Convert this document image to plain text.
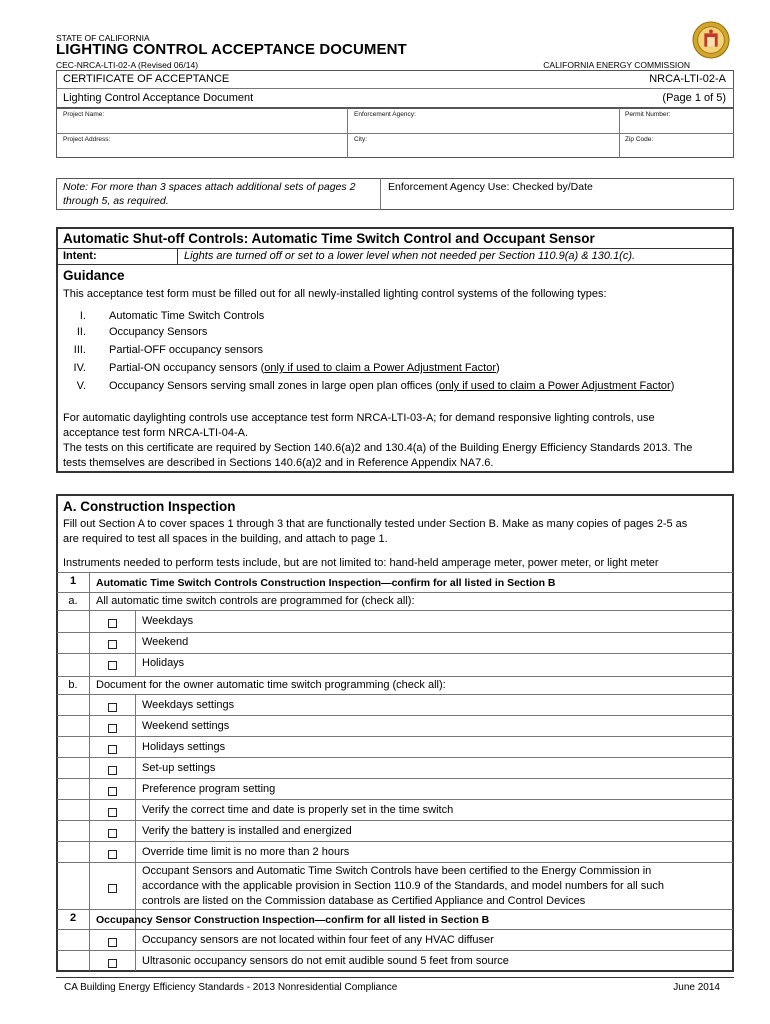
STATE OF CALIFORNIA
LIGHTING CONTROL ACCEPTANCE DOCUMENT
CEC-NRCA-LTI-02-A (Revised 06/14)	CALIFORNIA ENERGY COMMISSION
CERTIFICATE OF ACCEPTANCE	NRCA-LTI-02-A
Lighting Control Acceptance Document	(Page 1 of 5)
Project Name:	Enforcement Agency:	Permit Number:
Project Address:	City:	Zip Code:
Note: For more than 3 spaces attach additional sets of pages 2
through 5, as required.
Enforcement Agency Use: Checked by/Date
Automatic Shut-off Controls: Automatic Time Switch Control and Occupant Sensor
Intent:	Lights are turned off or set to a lower level when not needed per Section 110.9(a) & 130.1(c).
Guidance
This acceptance test form must be filled out for all newly-installed lighting control systems of the following types:
I. Automatic Time Switch Controls
II. Occupancy Sensors
III. Partial-OFF occupancy sensors
IV. Partial-ON occupancy sensors (only if used to claim a Power Adjustment Factor)
V. Occupancy Sensors serving small zones in large open plan offices (only if used to claim a Power Adjustment Factor)
For automatic daylighting controls use acceptance test form NRCA-LTI-03-A; for demand responsive lighting controls, use
acceptance test form NRCA-LTI-04-A.
The tests on this certificate are required by Section 140.6(a)2 and 130.4(a) of the Building Energy Efficiency Standards 2013. The
tests themselves are described in Sections 140.6(a)2 and in Reference Appendix NA7.6.
A. Construction Inspection
Fill out Section A to cover spaces 1 through 3 that are functionally tested under Section B. Make as many copies of pages 2-5 as
are required to test all spaces in the building, and attach to page 1.
Instruments needed to perform tests include, but are not limited to: hand-held amperage meter, power meter, or light meter
1	Automatic Time Switch Controls Construction Inspection—confirm for all listed in Section B
a.	All automatic time switch controls are programmed for (check all):
Weekdays
Weekend
Holidays
b.	Document for the owner automatic time switch programming (check all):
Weekdays settings
Weekend settings
Holidays settings
Set-up settings
Preference program setting
Verify the correct time and date is properly set in the time switch
Verify the battery is installed and energized
Override time limit is no more than 2 hours
Occupant Sensors and Automatic Time Switch Controls have been certified to the Energy Commission in
accordance with the applicable provision in Section 110.9 of the Standards, and model numbers for all such
controls are listed on the Commission database as Certified Appliance and Control Devices
2	Occupancy Sensor Construction Inspection—confirm for all listed in Section B
Occupancy sensors are not located within four feet of any HVAC diffuser
Ultrasonic occupancy sensors do not emit audible sound 5 feet from source
CA Building Energy Efficiency Standards - 2013 Nonresidential Compliance	June 2014
